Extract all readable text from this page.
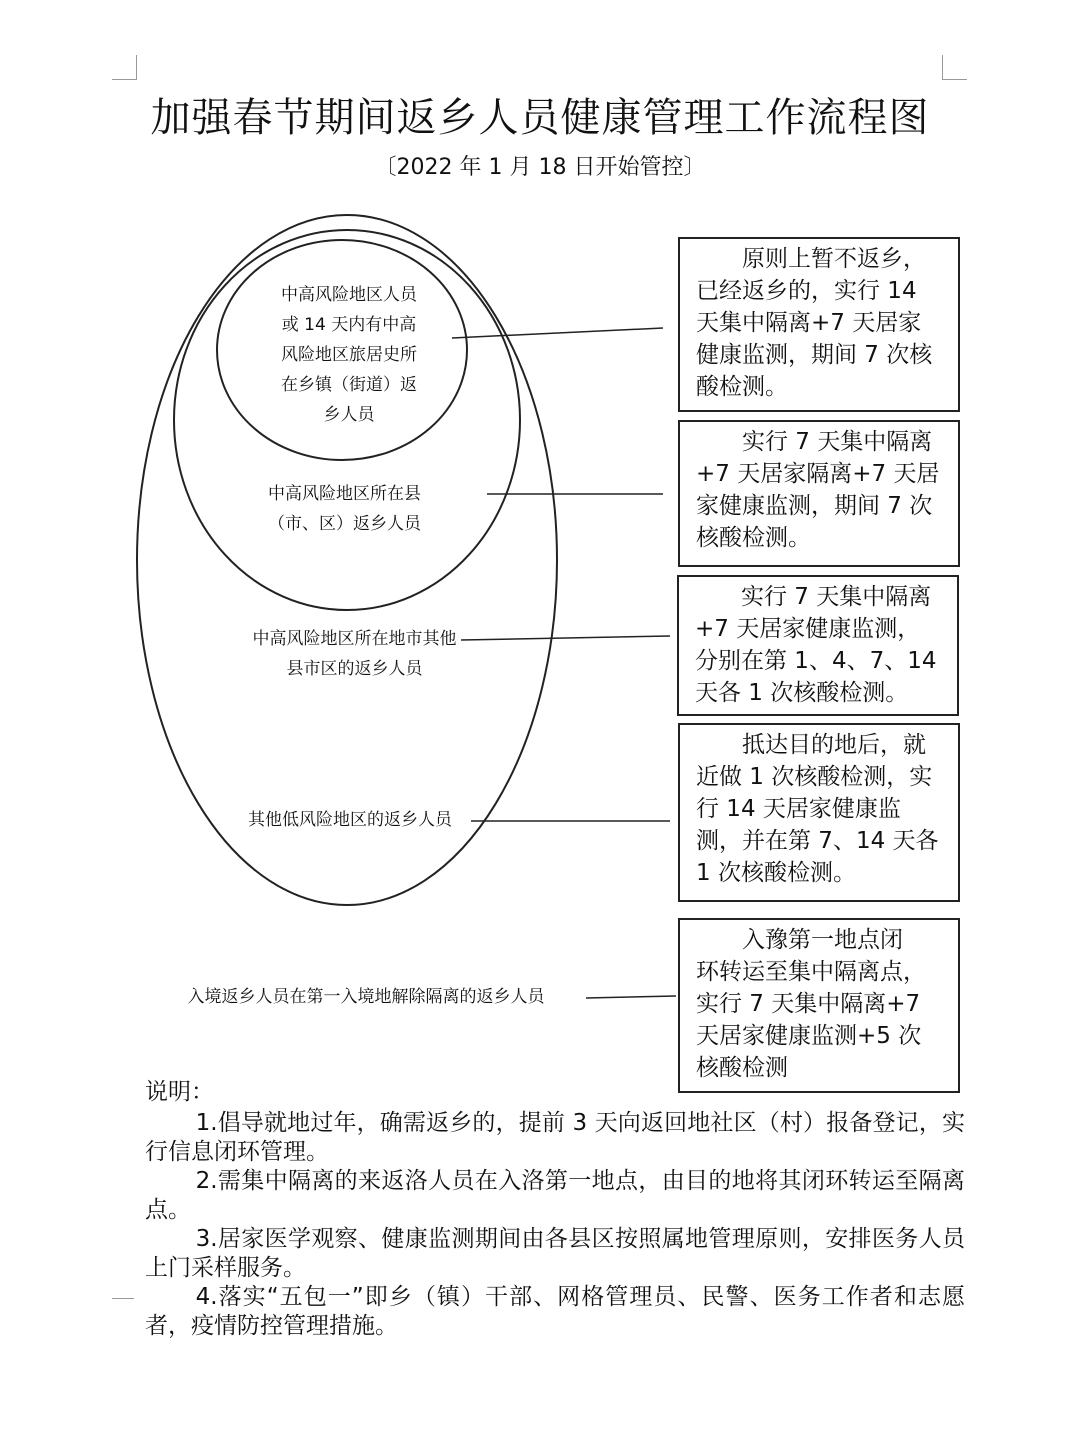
加强春节期间返乡人员健康管理工作流程图
〔2022 年 1 月 18 日开始管控〕
中高风险地区人员
或 14 天内有中高
风险地区旅居史所
在乡镇（街道）返
乡人员
中高风险地区所在县
（市、区）返乡人员
中高风险地区所在地市其他
县市区的返乡人员
其他低风险地区的返乡人员
入境返乡人员在第一入境地解除隔离的返乡人员
原则上暂不返乡，
已经返乡的，实行 14
天集中隔离+7 天居家
健康监测，期间 7 次核
酸检测。
实行 7 天集中隔离
+7 天居家隔离+7 天居
家健康监测，期间 7 次
核酸检测。
实行 7 天集中隔离
+7 天居家健康监测，
分别在第 1、4、7、14
天各 1 次核酸检测。
抵达目的地后，就
近做 1 次核酸检测，实
行 14 天居家健康监
测，并在第 7、14 天各
1 次核酸检测。
入豫第一地点闭
环转运至集中隔离点，
实行 7 天集中隔离+7
天居家健康监测+5 次
核酸检测
说明：

1.倡导就地过年，确需返乡的，提前 3 天向返回地社区（村）报备登记，实行信息闭环管理。

2.需集中隔离的来返洛人员在入洛第一地点，由目的地将其闭环转运至隔离点。

3.居家医学观察、健康监测期间由各县区按照属地管理原则，安排医务人员上门采样服务。

4.落实“五包一”即乡（镇）干部、网格管理员、民警、医务工作者和志愿者，疫情防控管理措施。
